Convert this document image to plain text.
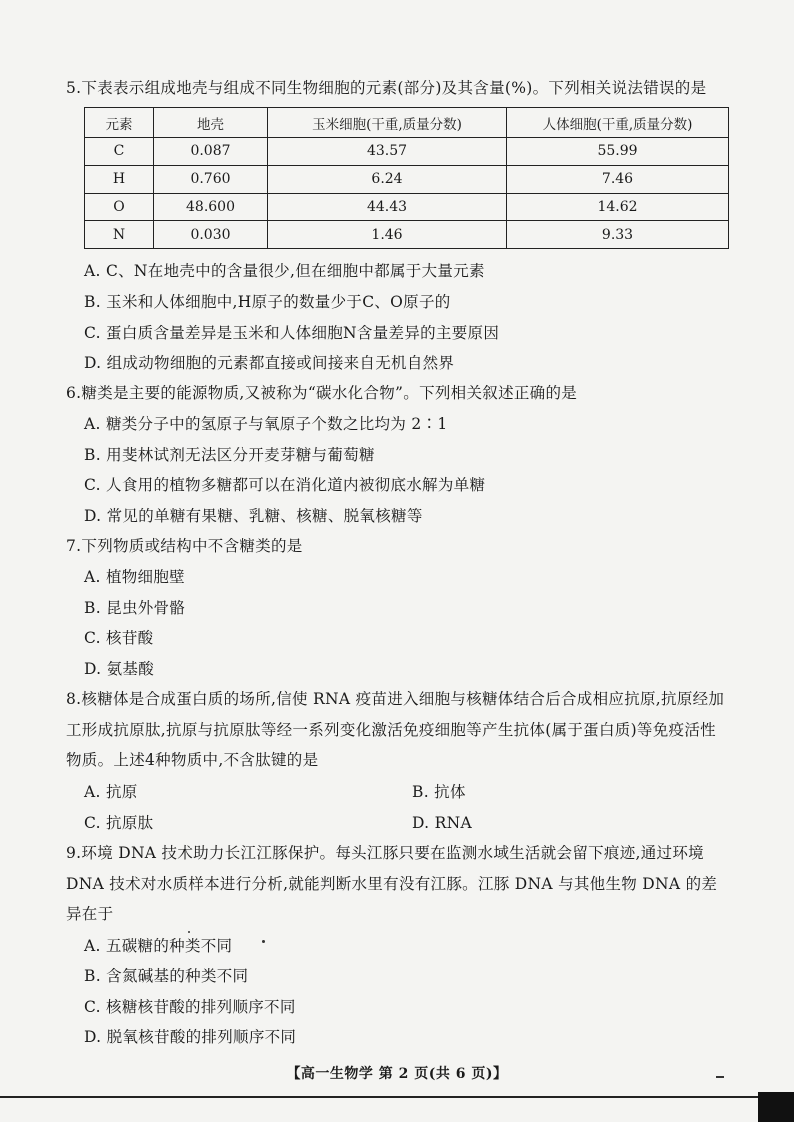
5.下表表示组成地壳与组成不同生物细胞的元素(部分)及其含量(%)。下列相关说法错误的是
元素	地壳	玉米细胞(干重,质量分数)	人体细胞(干重,质量分数)
C	0.087	43.57	55.99
H	0.760	6.24	7.46
O	48.600	44.43	14.62
N	0.030	1.46	9.33
A. C、N在地壳中的含量很少,但在细胞中都属于大量元素
B. 玉米和人体细胞中,H原子的数量少于C、O原子的
C. 蛋白质含量差异是玉米和人体细胞N含量差异的主要原因
D. 组成动物细胞的元素都直接或间接来自无机自然界
6.糖类是主要的能源物质,又被称为“碳水化合物”。下列相关叙述正确的是
A. 糖类分子中的氢原子与氧原子个数之比均为 2∶1
B. 用斐林试剂无法区分开麦芽糖与葡萄糖
C. 人食用的植物多糖都可以在消化道内被彻底水解为单糖
D. 常见的单糖有果糖、乳糖、核糖、脱氧核糖等
7.下列物质或结构中不含糖类的是
A. 植物细胞壁
B. 昆虫外骨骼
C. 核苷酸
D. 氨基酸
8.核糖体是合成蛋白质的场所,信使 RNA 疫苗进入细胞与核糖体结合后合成相应抗原,抗原经加工形成抗原肽,抗原与抗原肽等经一系列变化激活免疫细胞等产生抗体(属于蛋白质)等免疫活性物质。上述4种物质中,不含肽键的是
A. 抗原	B. 抗体
C. 抗原肽	D. RNA
9.环境 DNA 技术助力长江江豚保护。每头江豚只要在监测水域生活就会留下痕迹,通过环境 DNA 技术对水质样本进行分析,就能判断水里有没有江豚。江豚 DNA 与其他生物 DNA 的差异在于
A. 五碳糖的种类不同
B. 含氮碱基的种类不同
C. 核糖核苷酸的排列顺序不同
D. 脱氧核苷酸的排列顺序不同
【高一生物学 第 2 页(共 6 页)】
